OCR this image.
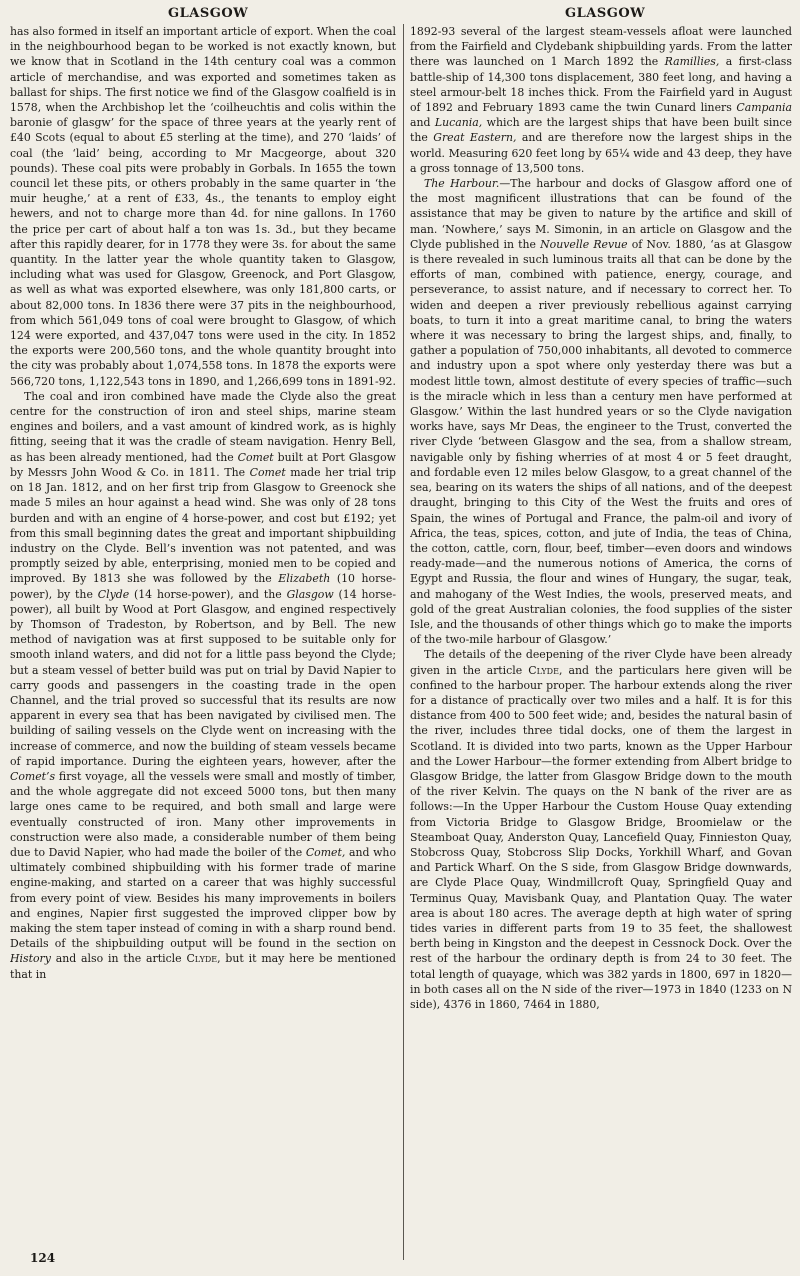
GLASGOW	GLASGOW

has also formed in itself an important article of export. When the coal in the neighbourhood began to be worked is not exactly known, but we know that in Scotland in the 14th century coal was a common article of merchandise, and was exported and sometimes taken as ballast for ships. The first notice we find of the Glasgow coalfield is in 1578, when the Archbishop let the ‘coilheuchtis and colis within the baronie of glasgw’ for the space of three years at the yearly rent of £40 Scots (equal to about £5 sterling at the time), and 270 ‘laids’ of coal (the ‘laid’ being, according to Mr Macgeorge, about 320 pounds). These coal pits were probably in Gorbals. In 1655 the town council let these pits, or others probably in the same quarter in ‘the muir heughe,’ at a rent of £33, 4s., the tenants to employ eight hewers, and not to charge more than 4d. for nine gallons. In 1760 the price per cart of about half a ton was 1s. 3d., but they became after this rapidly dearer, for in 1778 they were 3s. for about the same quantity. In the latter year the whole quantity taken to Glasgow, including what was used for Glasgow, Greenock, and Port Glasgow, as well as what was exported elsewhere, was only 181,800 carts, or about 82,000 tons. In 1836 there were 37 pits in the neighbourhood, from which 561,049 tons of coal were brought to Glasgow, of which 124 were exported, and 437,047 tons were used in the city. In 1852 the exports were 200,560 tons, and the whole quantity brought into the city was probably about 1,074,558 tons. In 1878 the exports were 566,720 tons, 1,122,543 tons in 1890, and 1,266,699 tons in 1891-92.

The coal and iron combined have made the Clyde also the great centre for the construction of iron and steel ships, marine steam engines and boilers, and a vast amount of kindred work, as is highly fitting, seeing that it was the cradle of steam navigation. Henry Bell, as has been already mentioned, had the Comet built at Port Glasgow by Messrs John Wood & Co. in 1811. The Comet made her trial trip on 18 Jan. 1812, and on her first trip from Glasgow to Greenock she made 5 miles an hour against a head wind. She was only of 28 tons burden and with an engine of 4 horse-power, and cost but £192; yet from this small beginning dates the great and important shipbuilding industry on the Clyde. Bell’s invention was not patented, and was promptly seized by able, enterprising, monied men to be copied and improved. By 1813 she was followed by the Elizabeth (10 horse-power), by the Clyde (14 horse-power), and the Glasgow (14 horse-power), all built by Wood at Port Glasgow, and engined respectively by Thomson of Tradeston, by Robertson, and by Bell. The new method of navigation was at first supposed to be suitable only for smooth inland waters, and did not for a little pass beyond the Clyde; but a steam vessel of better build was put on trial by David Napier to carry goods and passengers in the coasting trade in the open Channel, and the trial proved so successful that its results are now apparent in every sea that has been navigated by civilised men. The building of sailing vessels on the Clyde went on increasing with the increase of commerce, and now the building of steam vessels became of rapid importance. During the eighteen years, however, after the Comet’s first voyage, all the vessels were small and mostly of timber, and the whole aggregate did not exceed 5000 tons, but then many large ones came to be required, and both small and large were eventually constructed of iron. Many other improvements in construction were also made, a considerable number of them being due to David Napier, who had made the boiler of the Comet, and who ultimately combined shipbuilding with his former trade of marine engine-making, and started on a career that was highly successful from every point of view. Besides his many improvements in boilers and engines, Napier first suggested the improved clipper bow by making the stem taper instead of coming in with a sharp round bend. Details of the shipbuilding output will be found in the section on History and also in the article Clyde, but it may here be mentioned that in

1892-93 several of the largest steam-vessels afloat were launched from the Fairfield and Clydebank shipbuilding yards. From the latter there was launched on 1 March 1892 the Ramillies, a first-class battle-ship of 14,300 tons displacement, 380 feet long, and having a steel armour-belt 18 inches thick. From the Fairfield yard in August of 1892 and February 1893 came the twin Cunard liners Campania and Lucania, which are the largest ships that have been built since the Great Eastern, and are therefore now the largest ships in the world. Measuring 620 feet long by 65¼ wide and 43 deep, they have a gross tonnage of 13,500 tons.

The Harbour.—The harbour and docks of Glasgow afford one of the most magnificent illustrations that can be found of the assistance that may be given to nature by the artifice and skill of man. ‘Nowhere,’ says M. Simonin, in an article on Glasgow and the Clyde published in the Nouvelle Revue of Nov. 1880, ‘as at Glasgow is there revealed in such luminous traits all that can be done by the efforts of man, combined with patience, energy, courage, and perseverance, to assist nature, and if necessary to correct her. To widen and deepen a river previously rebellious against carrying boats, to turn it into a great maritime canal, to bring the waters where it was necessary to bring the largest ships, and, finally, to gather a population of 750,000 inhabitants, all devoted to commerce and industry upon a spot where only yesterday there was but a modest little town, almost destitute of every species of traffic—such is the miracle which in less than a century men have performed at Glasgow.’ Within the last hundred years or so the Clyde navigation works have, says Mr Deas, the engineer to the Trust, converted the river Clyde ‘between Glasgow and the sea, from a shallow stream, navigable only by fishing wherries of at most 4 or 5 feet draught, and fordable even 12 miles below Glasgow, to a great channel of the sea, bearing on its waters the ships of all nations, and of the deepest draught, bringing to this City of the West the fruits and ores of Spain, the wines of Portugal and France, the palm-oil and ivory of Africa, the teas, spices, cotton, and jute of India, the teas of China, the cotton, cattle, corn, flour, beef, timber—even doors and windows ready-made—and the numerous notions of America, the corns of Egypt and Russia, the flour and wines of Hungary, the sugar, teak, and mahogany of the West Indies, the wools, preserved meats, and gold of the great Australian colonies, the food supplies of the sister Isle, and the thousands of other things which go to make the imports of the two-mile harbour of Glasgow.’

The details of the deepening of the river Clyde have been already given in the article Clyde, and the particulars here given will be confined to the harbour proper. The harbour extends along the river for a distance of practically over two miles and a half. It is for this distance from 400 to 500 feet wide; and, besides the natural basin of the river, includes three tidal docks, one of them the largest in Scotland. It is divided into two parts, known as the Upper Harbour and the Lower Harbour—the former extending from Albert bridge to Glasgow Bridge, the latter from Glasgow Bridge down to the mouth of the river Kelvin. The quays on the N bank of the river are as follows:—In the Upper Harbour the Custom House Quay extending from Victoria Bridge to Glasgow Bridge, Broomielaw or the Steamboat Quay, Anderston Quay, Lancefield Quay, Finnieston Quay, Stobcross Quay, Stobcross Slip Docks, Yorkhill Wharf, and Govan and Partick Wharf. On the S side, from Glasgow Bridge downwards, are Clyde Place Quay, Windmillcroft Quay, Springfield Quay and Terminus Quay, Mavisbank Quay, and Plantation Quay. The water area is about 180 acres. The average depth at high water of spring tides varies in different parts from 19 to 35 feet, the shallowest berth being in Kingston and the deepest in Cessnock Dock. Over the rest of the harbour the ordinary depth is from 24 to 30 feet. The total length of quayage, which was 382 yards in 1800, 697 in 1820—in both cases all on the N side of the river—1973 in 1840 (1233 on N side), 4376 in 1860, 7464 in 1880,

124
